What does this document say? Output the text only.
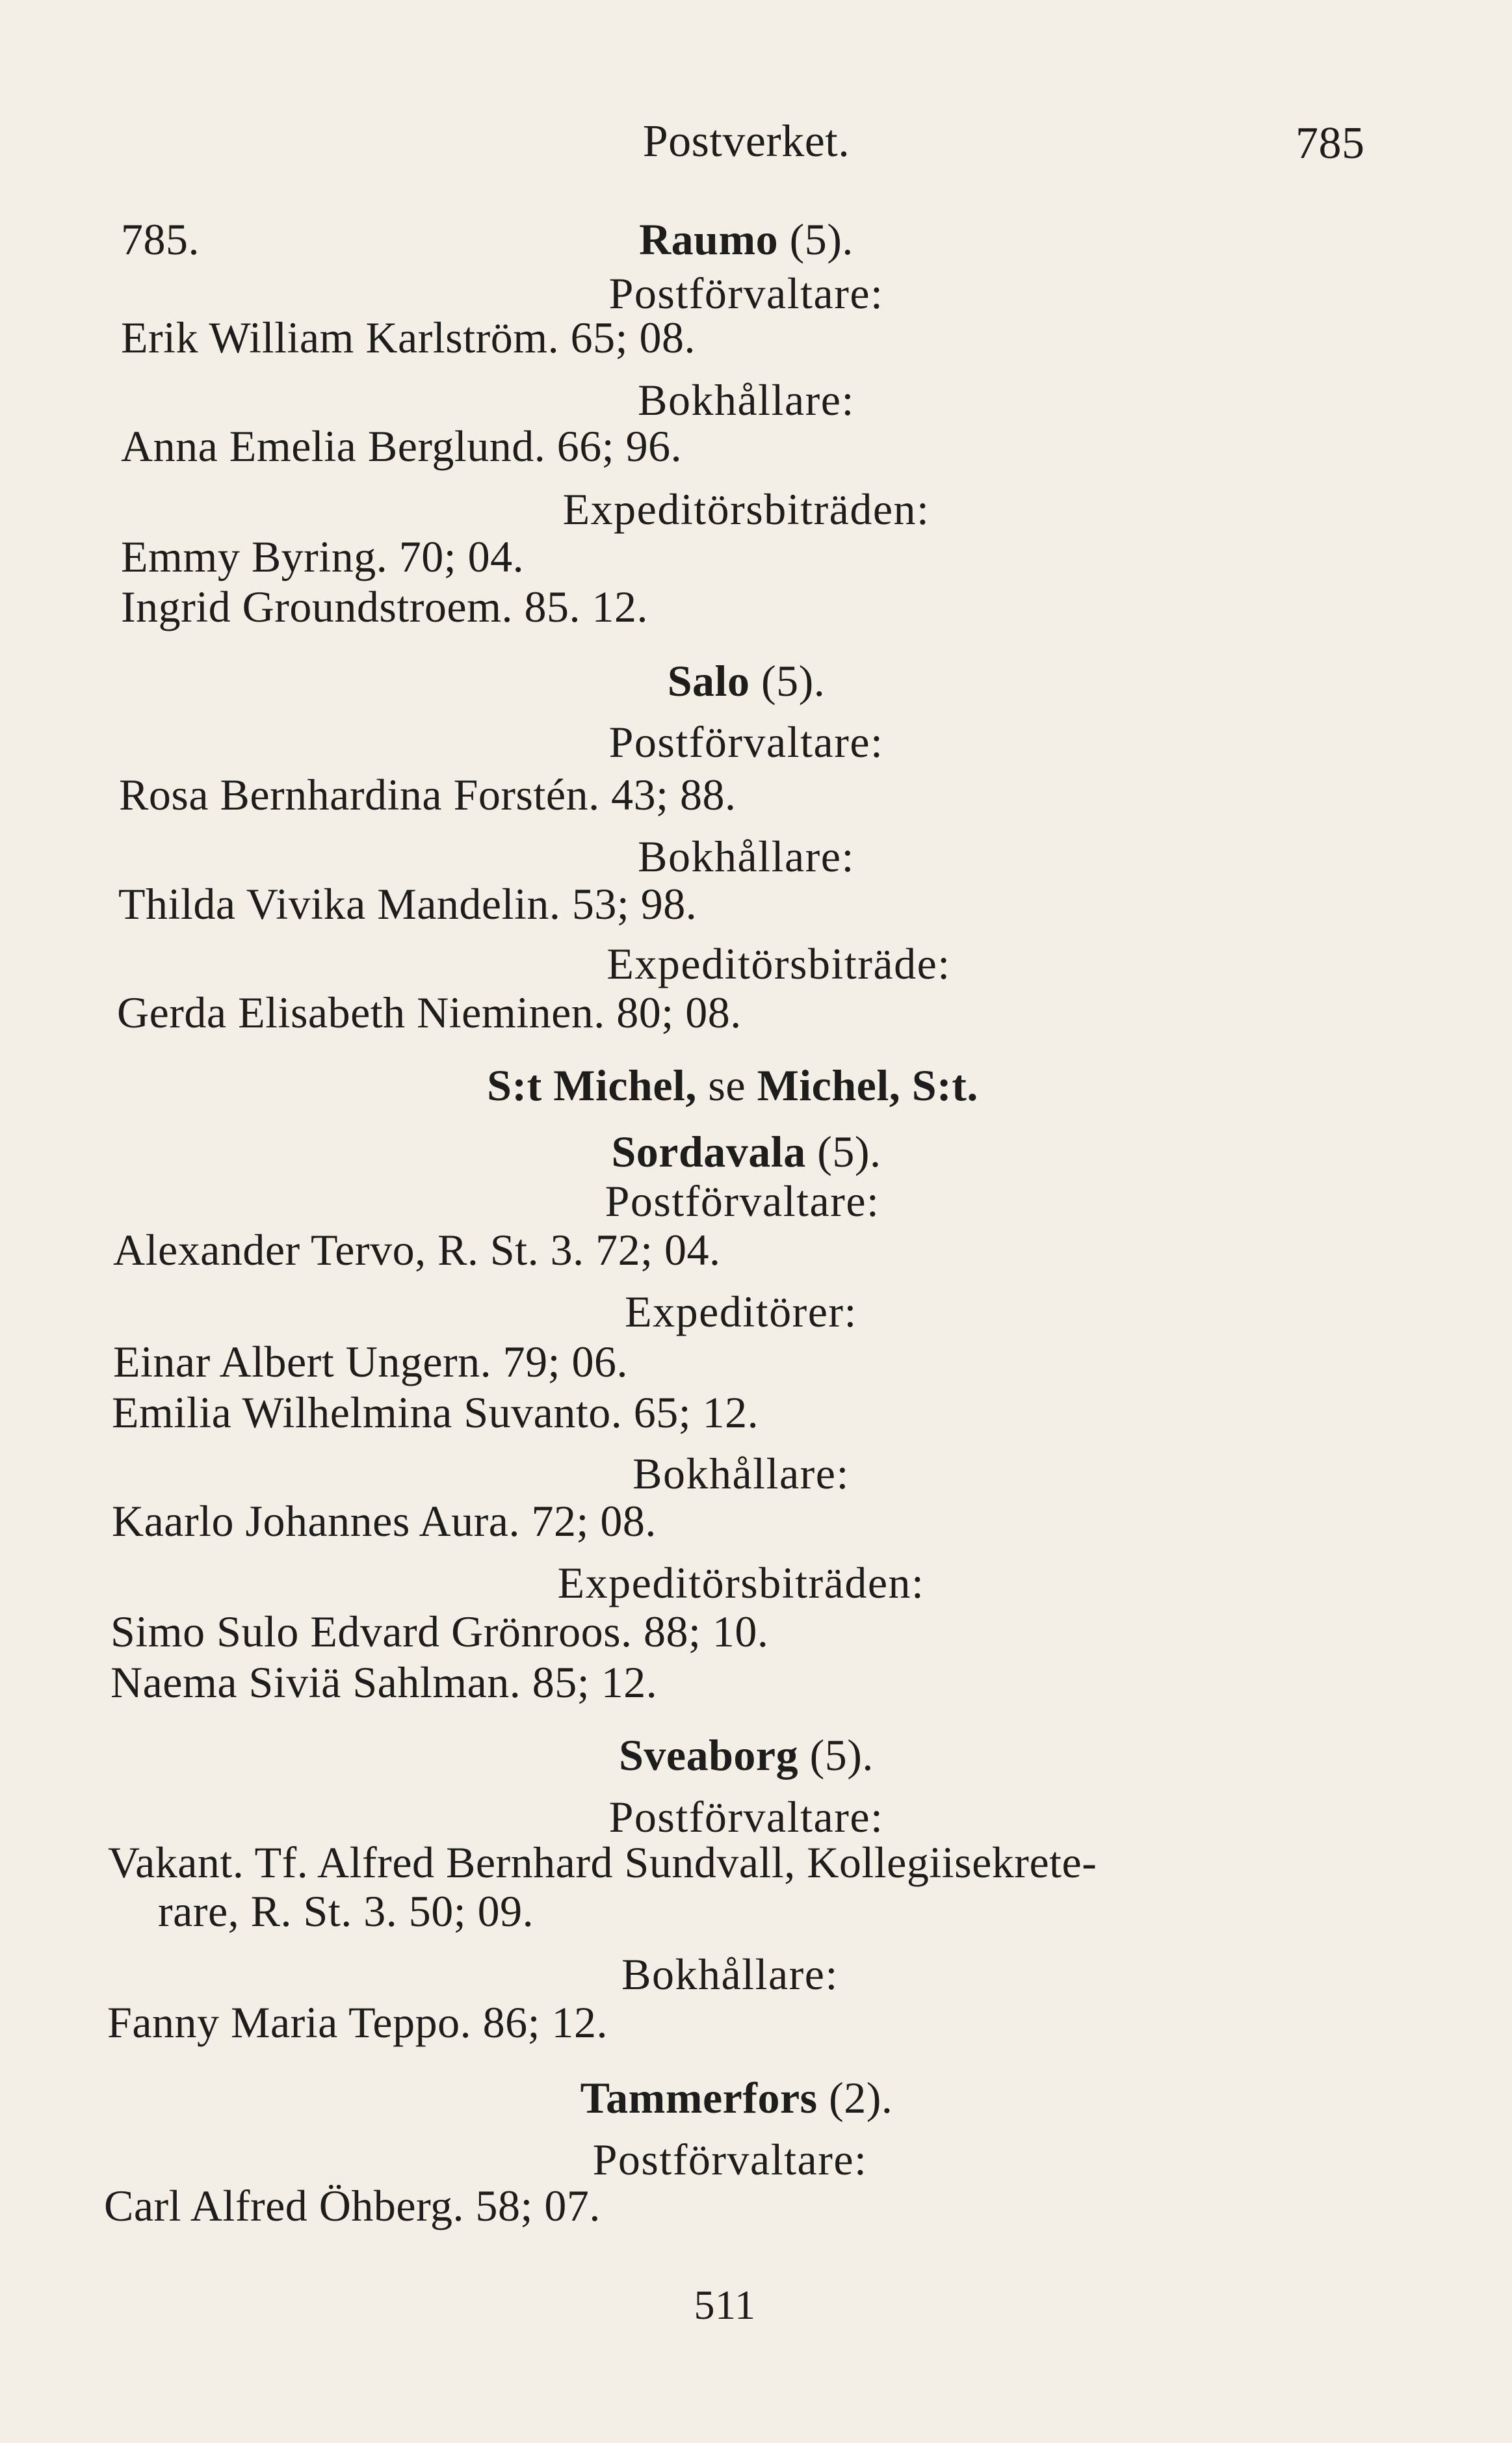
Postverket.	785
785.	Raumo (5).
Postförvaltare:
Erik William Karlström. 65; 08.
Bokhållare:
Anna Emelia Berglund. 66; 96.
Expeditörsbiträden:
Emmy Byring. 70; 04.
Ingrid Groundstroem. 85. 12.
Salo (5).
Postförvaltare:
Rosa Bernhardina Forstén. 43; 88.
Bokhållare:
Thilda Vivika Mandelin. 53; 98.
Expeditörsbiträde:
Gerda Elisabeth Nieminen. 80; 08.
S:t Michel, se Michel, S:t.
Sordavala (5).
Postförvaltare:
Alexander Tervo, R. St. 3. 72; 04.
Expeditörer:
Einar Albert Ungern. 79; 06.
Emilia Wilhelmina Suvanto. 65; 12.
Bokhållare:
Kaarlo Johannes Aura. 72; 08.
Expeditörsbiträden:
Simo Sulo Edvard Grönroos. 88; 10.
Naema Siviä Sahlman. 85; 12.
Sveaborg (5).
Postförvaltare:
Vakant. Tf. Alfred Bernhard Sundvall, Kollegiisekrete-
rare, R. St. 3. 50; 09.
Bokhållare:
Fanny Maria Teppo. 86; 12.
Tammerfors (2).
Postförvaltare:
Carl Alfred Öhberg. 58; 07.
511
